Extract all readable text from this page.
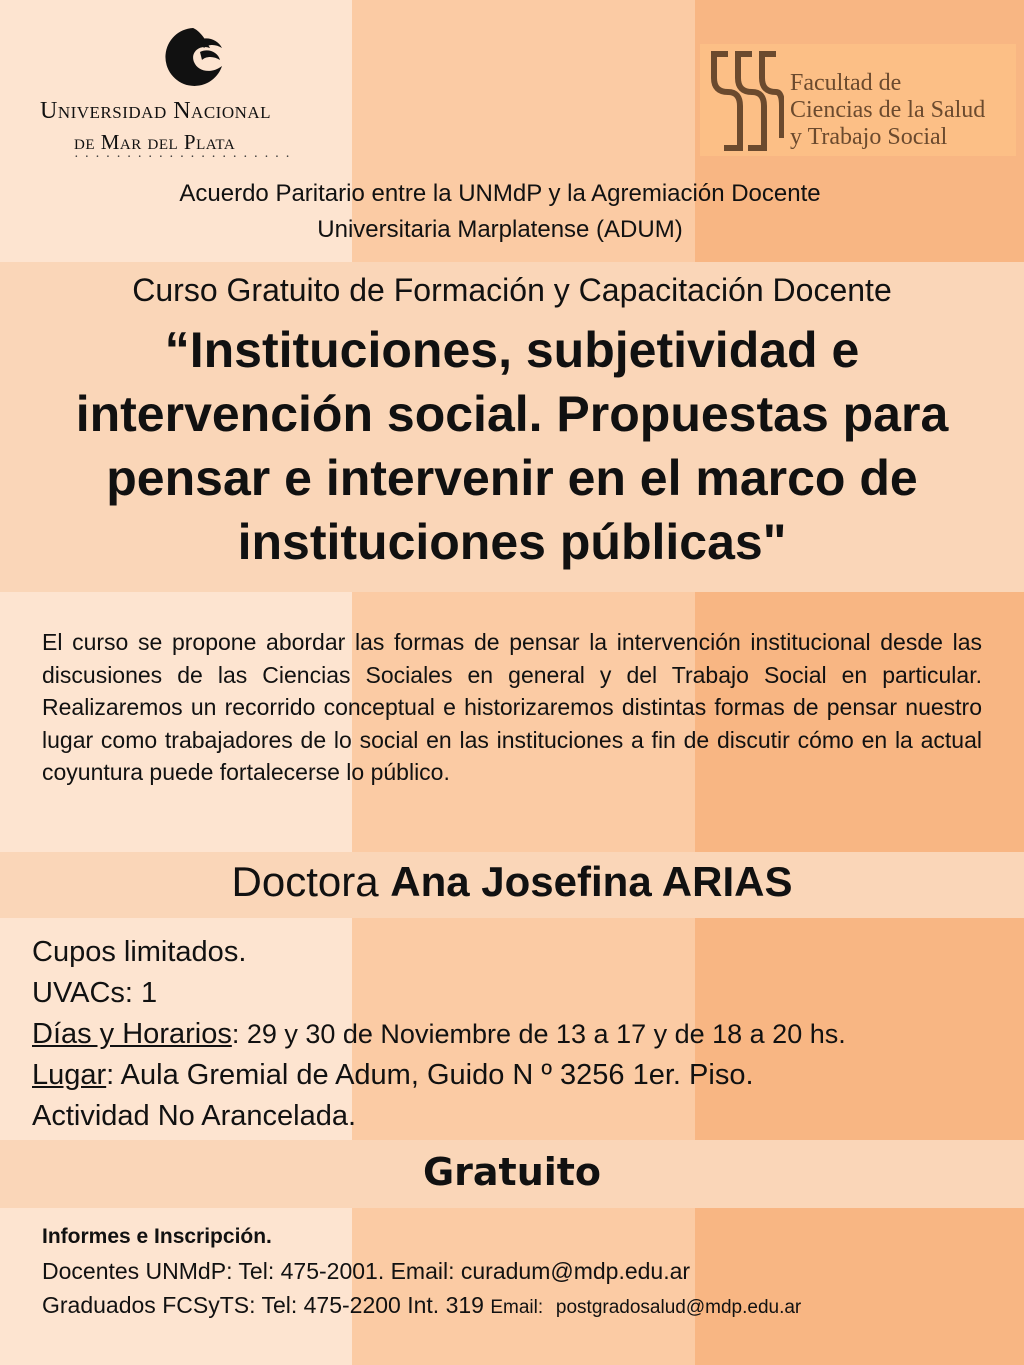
Universidad Nacional
de Mar del Plata
· · · · · · · · · · · · · · · · · · · · ·
Facultad de
Ciencias de la Salud
y Trabajo Social
Acuerdo Paritario entre la UNMdP y la Agremiación Docente
Universitaria Marplatense (ADUM)
Curso Gratuito de Formación y Capacitación Docente
“Instituciones, subjetividad e
intervención social. Propuestas para
pensar e intervenir en el marco de
instituciones públicas"
El curso se propone abordar las formas de pensar la intervención institucional desde las discusiones de las Ciencias Sociales en general y del Trabajo Social en particular. Realizaremos un recorrido conceptual e historizaremos distintas formas de pensar nuestro lugar como trabajadores de lo social en las instituciones a fin de discutir cómo en la actual coyuntura puede fortalecerse lo público.
Doctora Ana Josefina ARIAS
Cupos limitados.
UVACs: 1
Días y Horarios: 29 y 30 de Noviembre de 13 a 17 y de 18 a 20 hs.
Lugar: Aula Gremial de Adum, Guido N º 3256 1er. Piso.
Actividad No Arancelada.
Gratuito
Informes e Inscripción.
Docentes UNMdP: Tel: 475-2001. Email: curadum@mdp.edu.ar
Graduados FCSyTS: Tel: 475-2200 Int. 319 Email: postgradosalud@mdp.edu.ar
